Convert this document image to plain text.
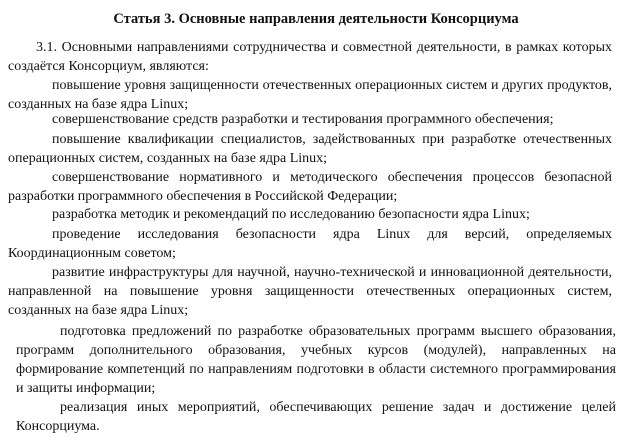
Статья 3. Основные направления деятельности Консорциума

3.1. Основными направлениями сотрудничества и совместной деятельности, в рамках которых создаётся Консорциум, являются:

повышение уровня защищенности отечественных операционных систем и других продуктов, созданных на базе ядра Linux;

совершенствование средств разработки и тестирования программного обеспечения;

повышение квалификации специалистов, задействованных при разработке отечественных операционных систем, созданных на базе ядра Linux;

совершенствование нормативного и методического обеспечения процессов безопасной разработки программного обеспечения в Российской Федерации;

разработка методик и рекомендаций по исследованию безопасности ядра Linux;

проведение исследования безопасности ядра Linux для версий, определяемых Координационным советом;

развитие инфраструктуры для научной, научно-технической и инновационной деятельности, направленной на повышение уровня защищенности отечественных операционных систем, созданных на базе ядра Linux;

подготовка предложений по разработке образовательных программ высшего образования, программ дополнительного образования, учебных курсов (модулей), направленных на формирование компетенций по направлениям подготовки в области системного программирования и защиты информации;

реализация иных мероприятий, обеспечивающих решение задач и достижение целей Консорциума.
